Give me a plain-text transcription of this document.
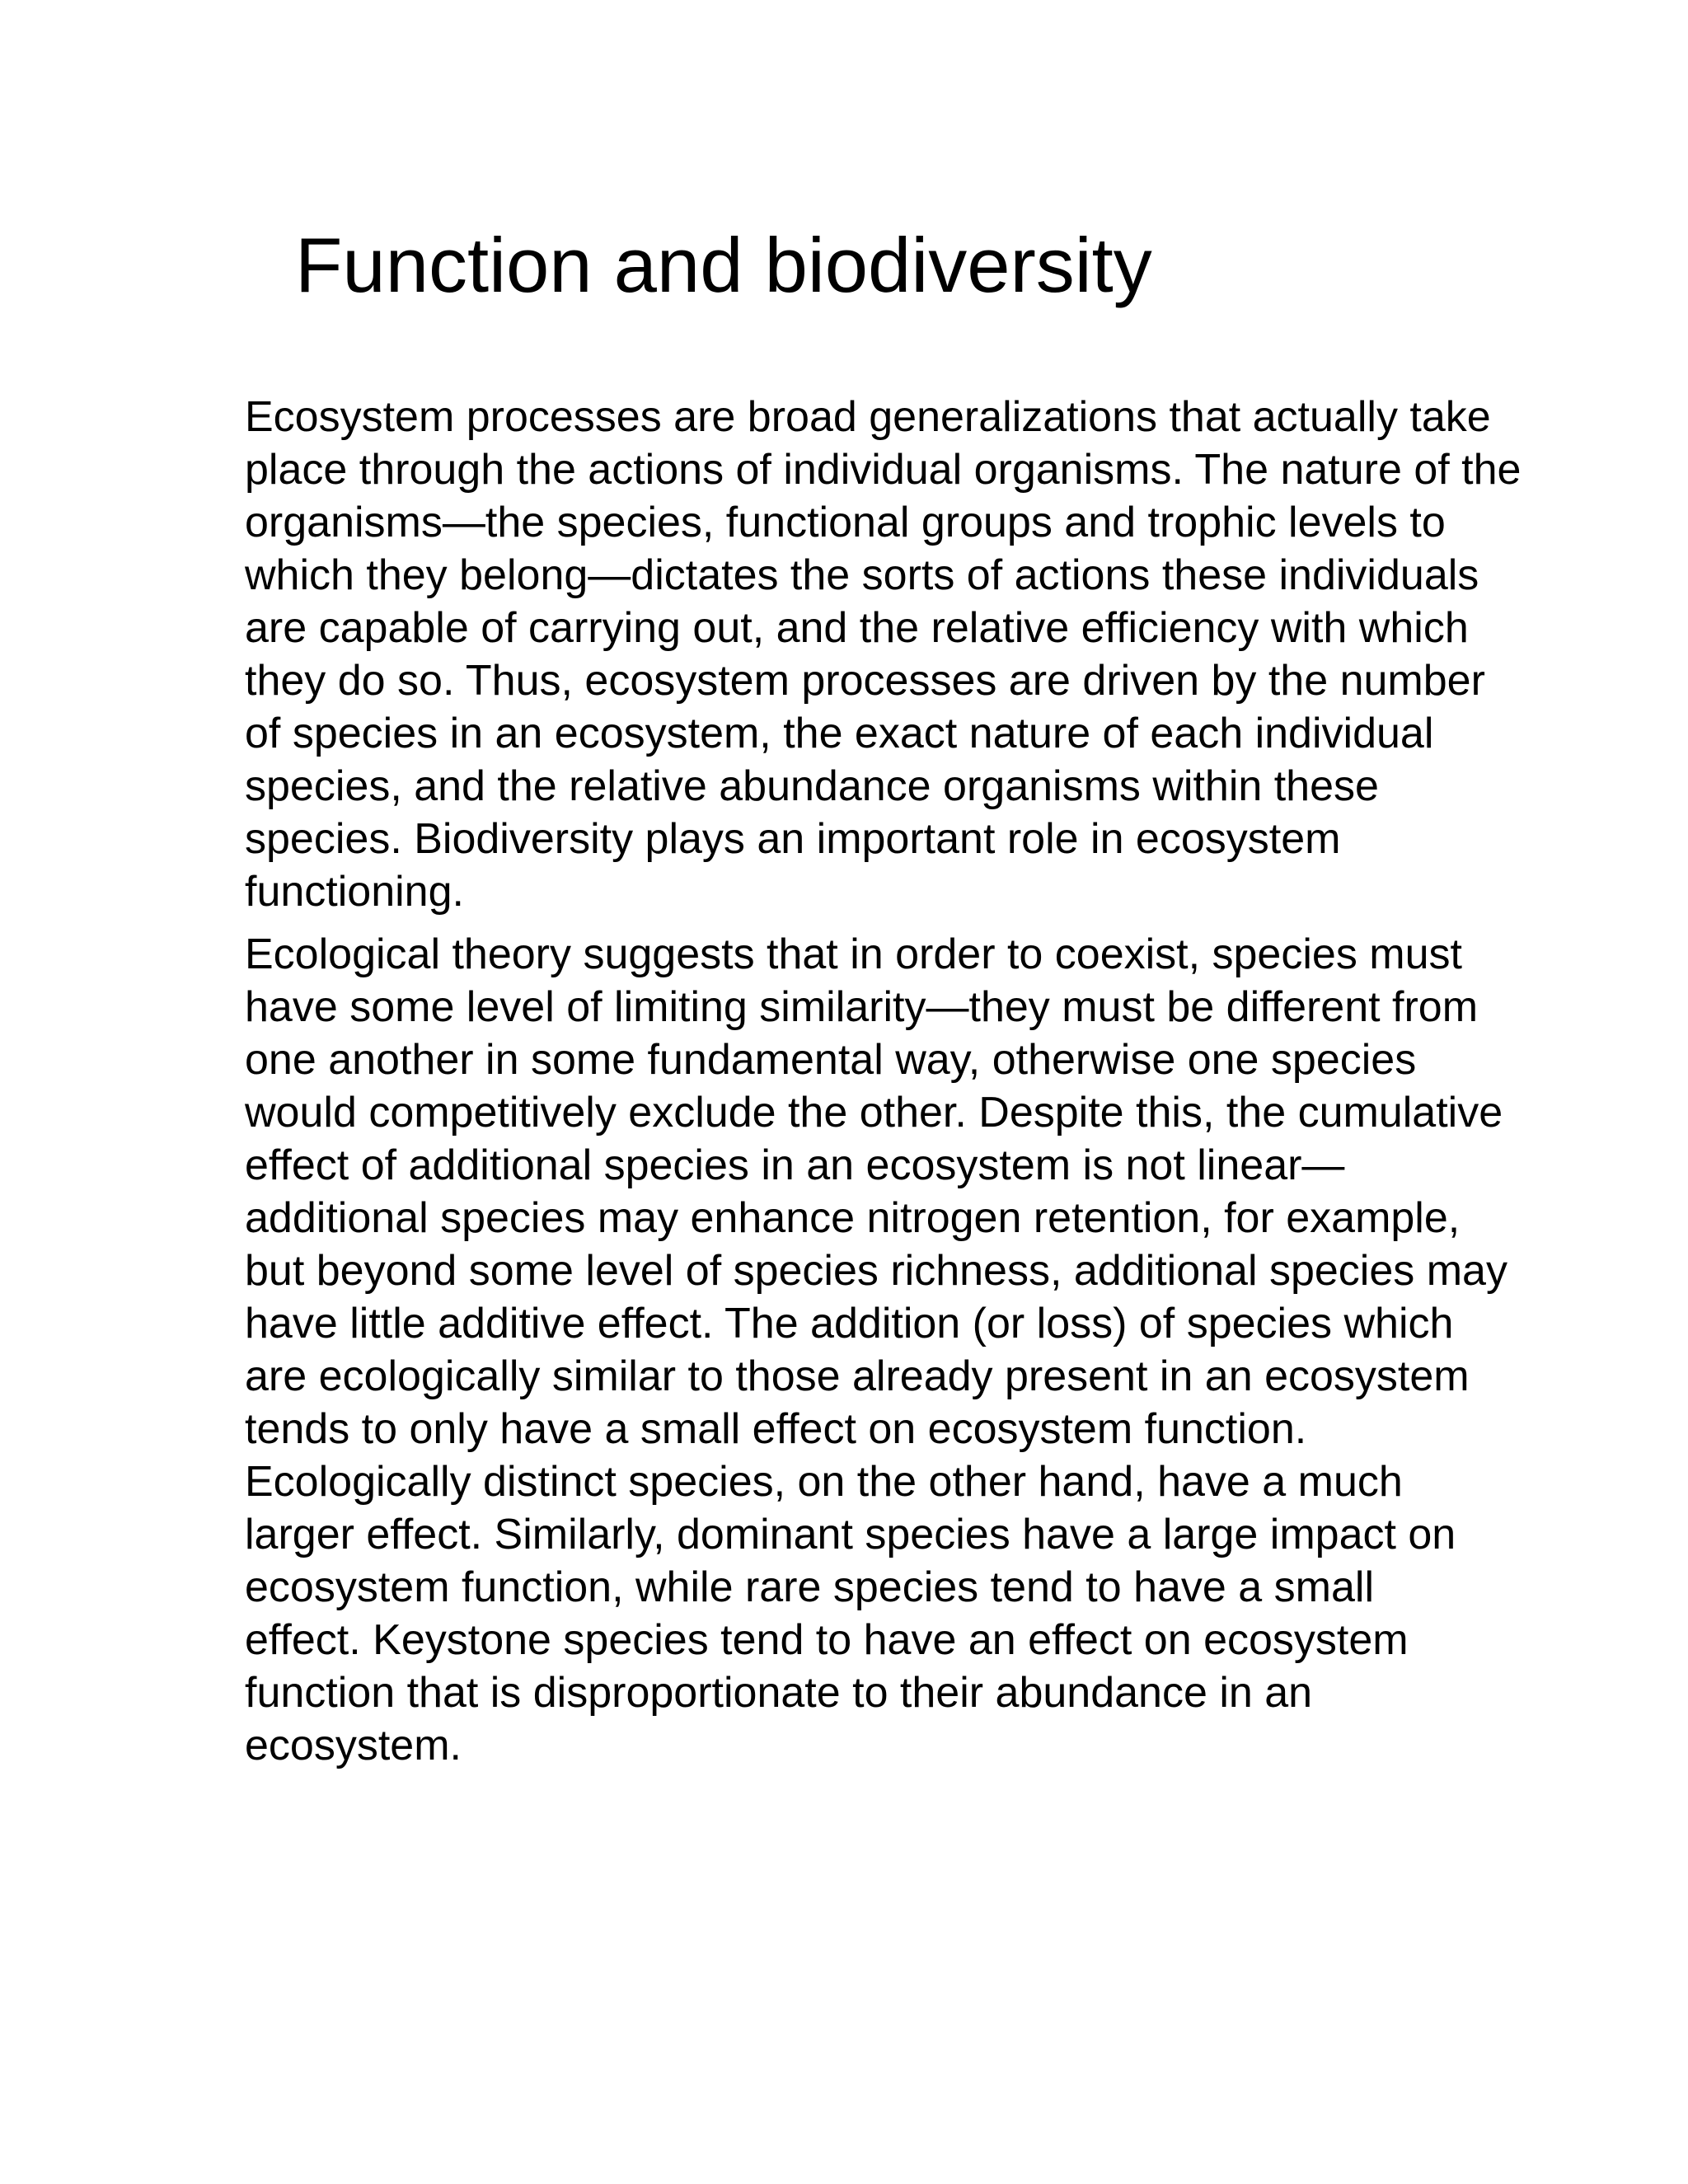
Function and biodiversity

Ecosystem processes are broad generalizations that actually take
place through the actions of individual organisms. The nature of the
organisms—the species, functional groups and trophic levels to
which they belong—dictates the sorts of actions these individuals
are capable of carrying out, and the relative efficiency with which
they do so. Thus, ecosystem processes are driven by the number
of species in an ecosystem, the exact nature of each individual
species, and the relative abundance organisms within these
species. Biodiversity plays an important role in ecosystem
functioning.

Ecological theory suggests that in order to coexist, species must
have some level of limiting similarity—they must be different from
one another in some fundamental way, otherwise one species
would competitively exclude the other. Despite this, the cumulative
effect of additional species in an ecosystem is not linear—
additional species may enhance nitrogen retention, for example,
but beyond some level of species richness, additional species may
have little additive effect. The addition (or loss) of species which
are ecologically similar to those already present in an ecosystem
tends to only have a small effect on ecosystem function.
Ecologically distinct species, on the other hand, have a much
larger effect. Similarly, dominant species have a large impact on
ecosystem function, while rare species tend to have a small
effect. Keystone species tend to have an effect on ecosystem
function that is disproportionate to their abundance in an
ecosystem.
